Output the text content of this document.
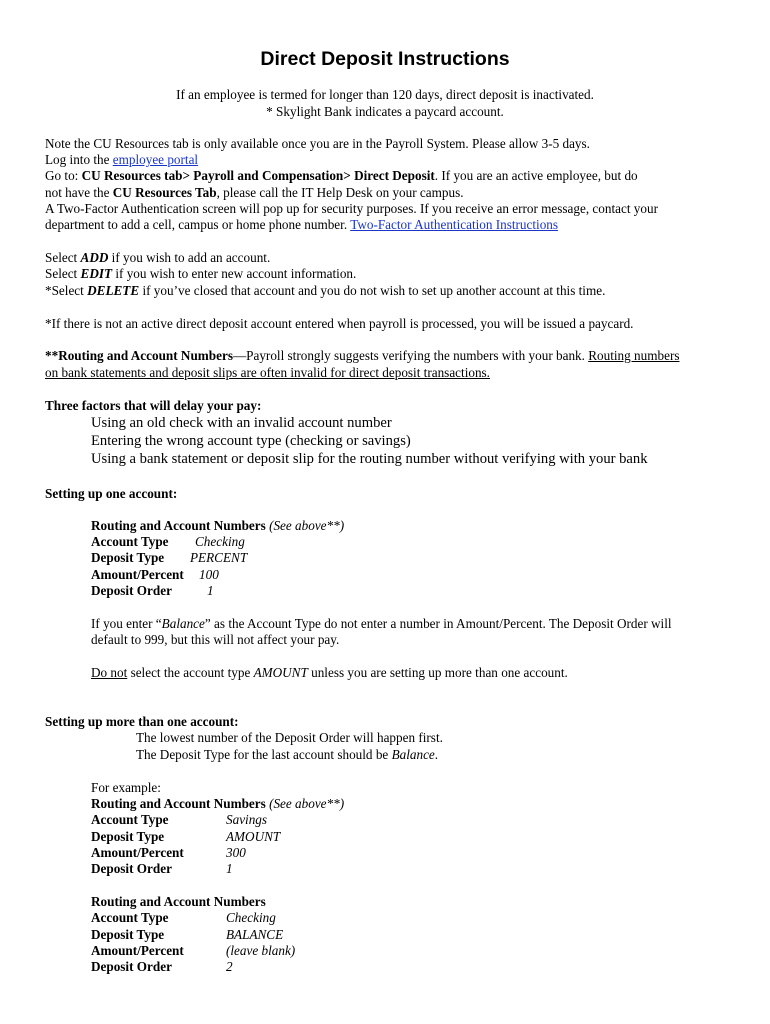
Direct Deposit Instructions
If an employee is termed for longer than 120 days, direct deposit is inactivated.
* Skylight Bank indicates a paycard account.
Note the CU Resources tab is only available once you are in the Payroll System. Please allow 3-5 days.
Log into the employee portal
Go to: CU Resources tab> Payroll and Compensation> Direct Deposit. If you are an active employee, but do
not have the CU Resources Tab, please call the IT Help Desk on your campus.
A Two-Factor Authentication screen will pop up for security purposes. If you receive an error message, contact your
department to add a cell, campus or home phone number. Two-Factor Authentication Instructions
Select ADD if you wish to add an account.
Select EDIT if you wish to enter new account information.
*Select DELETE if you’ve closed that account and you do not wish to set up another account at this time.
*If there is not an active direct deposit account entered when payroll is processed, you will be issued a paycard.
**Routing and Account Numbers—Payroll strongly suggests verifying the numbers with your bank. Routing numbers
on bank statements and deposit slips are often invalid for direct deposit transactions.
Three factors that will delay your pay:
Using an old check with an invalid account number
Entering the wrong account type (checking or savings)
Using a bank statement or deposit slip for the routing number without verifying with your bank
Setting up one account:
Routing and Account Numbers (See above**)
Account Type Checking
Deposit Type PERCENT
Amount/Percent 100
Deposit Order	1
If you enter “Balance” as the Account Type do not enter a number in Amount/Percent. The Deposit Order will
default to 999, but this will not affect your pay.
Do not select the account type AMOUNT unless you are setting up more than one account.
Setting up more than one account:
The lowest number of the Deposit Order will happen first.
The Deposit Type for the last account should be Balance.
For example:
Routing and Account Numbers (See above**)
Account Type	Savings
Deposit Type	AMOUNT
Amount/Percent	300
Deposit Order	1
Routing and Account Numbers
Account Type	Checking
Deposit Type	BALANCE
Amount/Percent	(leave blank)
Deposit Order	2
